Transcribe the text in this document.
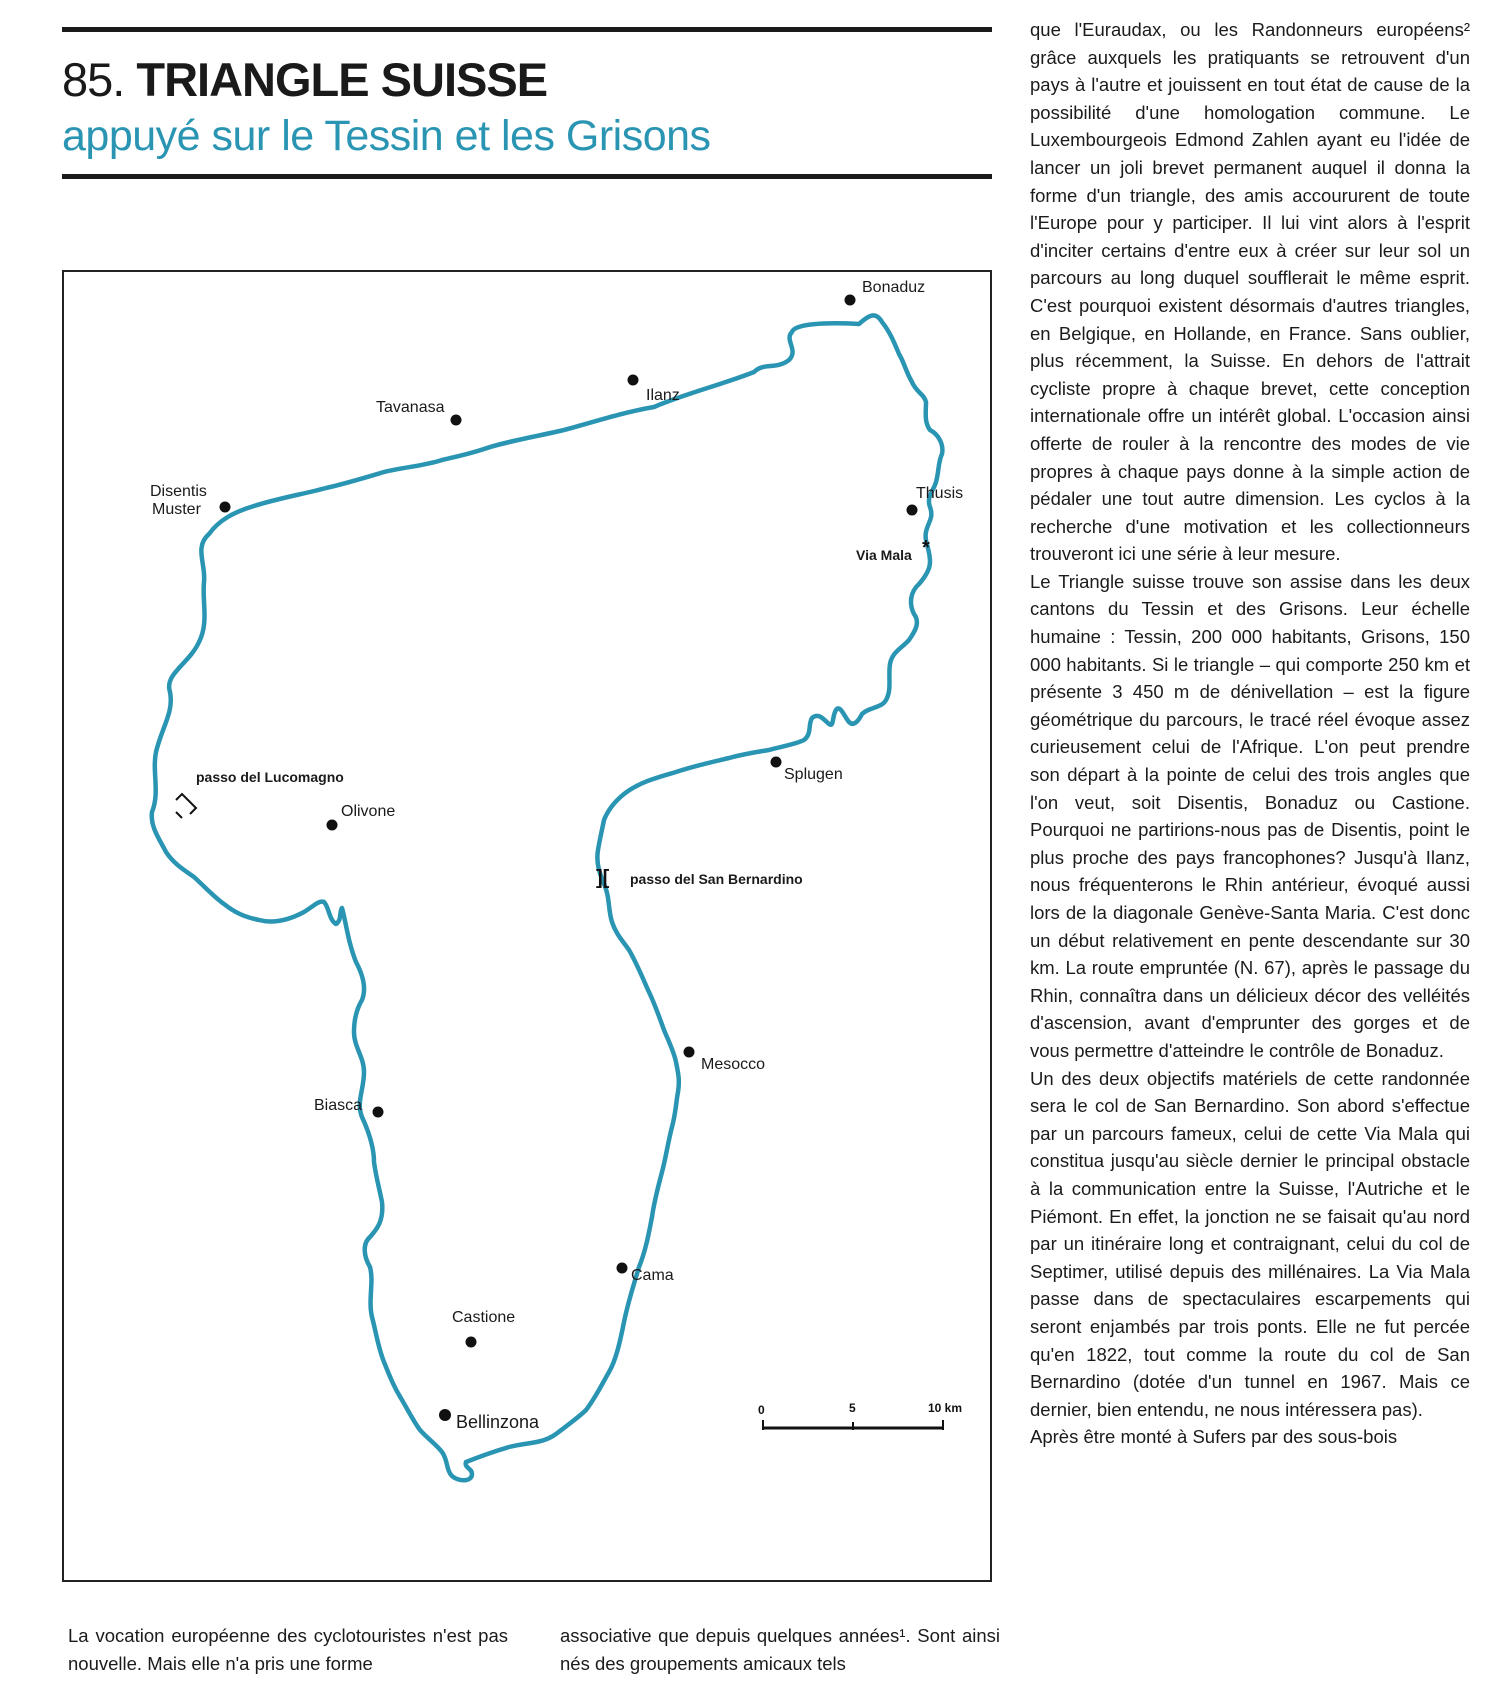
85. TRIANGLE SUISSE
appuyé sur le Tessin et les Grisons
Bonaduz
Ilanz
Tavanasa
Disentis
Muster
Thusis
*
Via Mala
passo del Lucomagno
Olivone
Splugen
][ passo del San Bernardino
Mesocco
Biasca
Cama
Castione
Bellinzona
0	5	10 km

que l'Euraudax, ou les Randonneurs européens² grâce auxquels les pratiquants se retrouvent d'un pays à l'autre et jouissent en tout état de cause de la possibilité d'une homologation commune. Le Luxembourgeois Edmond Zahlen ayant eu l'idée de lancer un joli brevet permanent auquel il donna la forme d'un triangle, des amis accoururent de toute l'Europe pour y participer. Il lui vint alors à l'esprit d'inciter certains d'entre eux à créer sur leur sol un parcours au long duquel soufflerait le même esprit. C'est pourquoi existent désormais d'autres triangles, en Belgique, en Hollande, en France. Sans oublier, plus récemment, la Suisse. En dehors de l'attrait cycliste propre à chaque brevet, cette conception internationale offre un intérêt global. L'occasion ainsi offerte de rouler à la rencontre des modes de vie propres à chaque pays donne à la simple action de pédaler une tout autre dimension. Les cyclos à la recherche d'une motivation et les collectionneurs trouveront ici une série à leur mesure.

Le Triangle suisse trouve son assise dans les deux cantons du Tessin et des Grisons. Leur échelle humaine : Tessin, 200 000 habitants, Grisons, 150 000 habitants. Si le triangle – qui comporte 250 km et présente 3 450 m de dénivellation – est la figure géométrique du parcours, le tracé réel évoque assez curieusement celui de l'Afrique. L'on peut prendre son départ à la pointe de celui des trois angles que l'on veut, soit Disentis, Bonaduz ou Castione. Pourquoi ne partirions-nous pas de Disentis, point le plus proche des pays francophones? Jusqu'à Ilanz, nous fréquenterons le Rhin antérieur, évoqué aussi lors de la diagonale Genève-Santa Maria. C'est donc un début relativement en pente descendante sur 30 km. La route empruntée (N. 67), après le passage du Rhin, connaîtra dans un délicieux décor des velléités d'ascension, avant d'emprunter des gorges et de vous permettre d'atteindre le contrôle de Bonaduz.

Un des deux objectifs matériels de cette randonnée sera le col de San Bernardino. Son abord s'effectue par un parcours fameux, celui de cette Via Mala qui constitua jusqu'au siècle dernier le principal obstacle à la communication entre la Suisse, l'Autriche et le Piémont. En effet, la jonction ne se faisait qu'au nord par un itinéraire long et contraignant, celui du col de Septimer, utilisé depuis des millénaires. La Via Mala passe dans de spectaculaires escarpements qui seront enjambés par trois ponts. Elle ne fut percée qu'en 1822, tout comme la route du col de San Bernardino (dotée d'un tunnel en 1967. Mais ce dernier, bien entendu, ne nous intéressera pas).

Après être monté à Sufers par des sous-bois

La vocation européenne des cyclotouristes n'est pas nouvelle. Mais elle n'a pris une forme

associative que depuis quelques années¹. Sont ainsi nés des groupements amicaux tels
